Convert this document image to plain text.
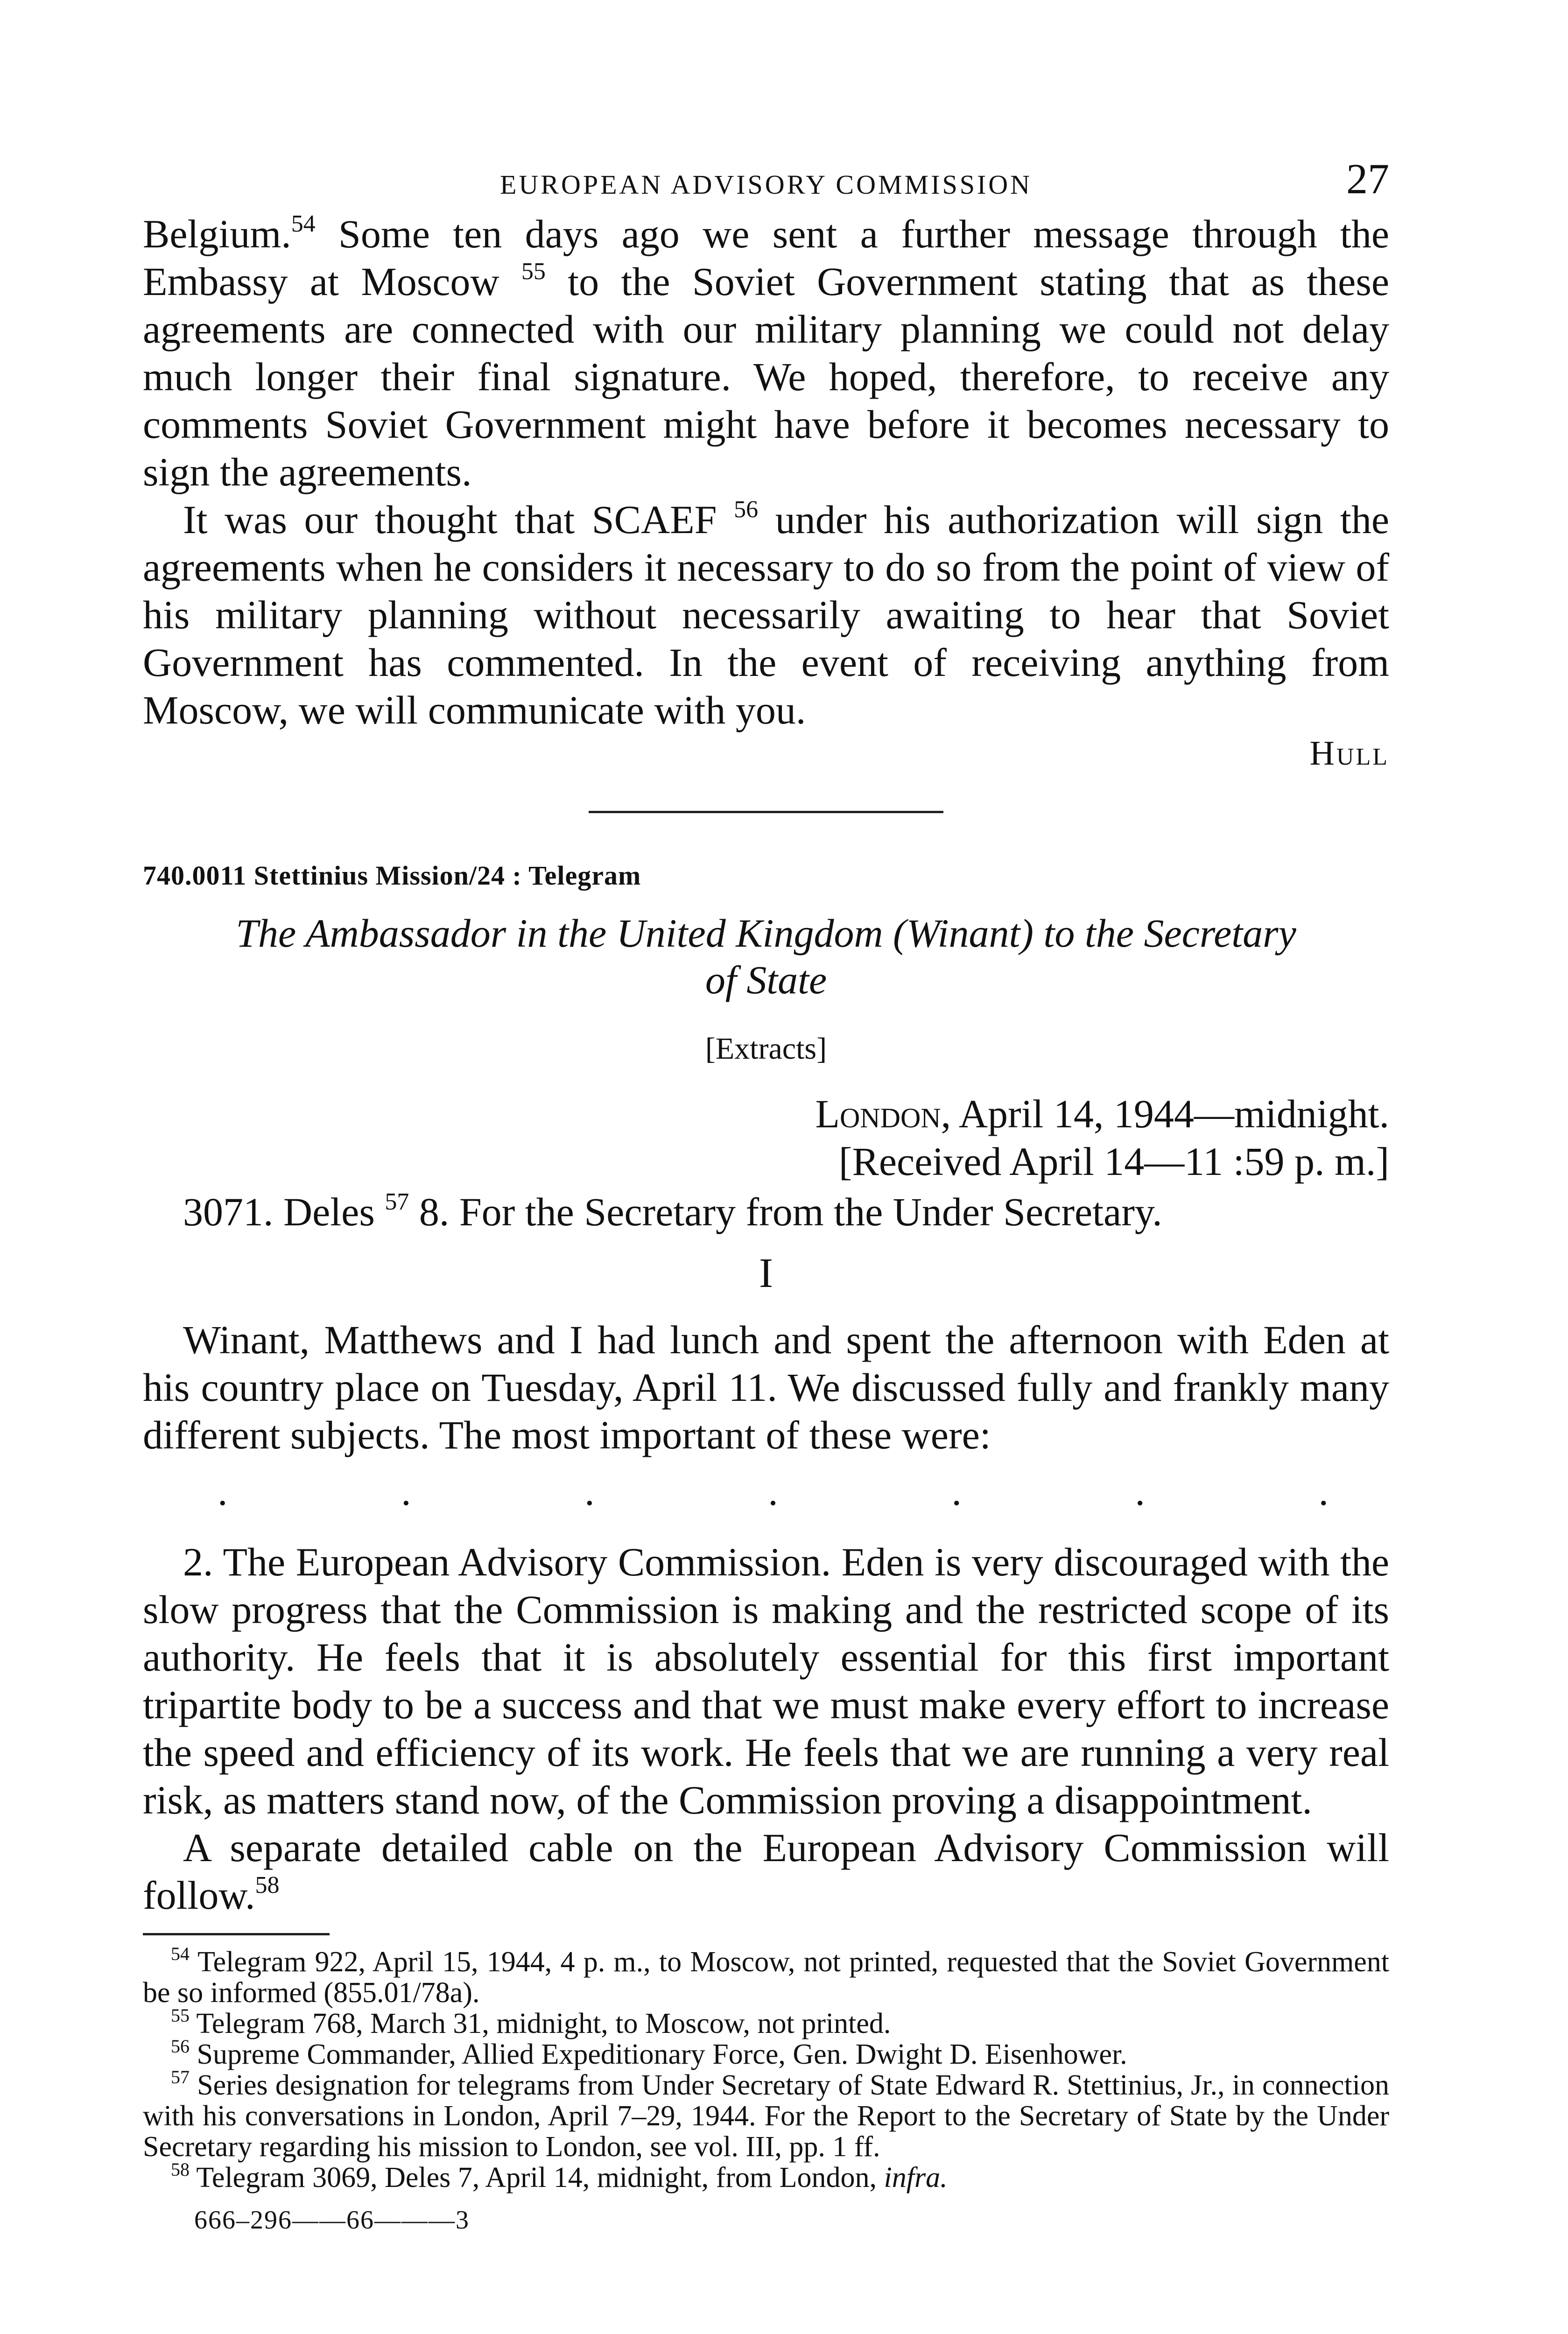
EUROPEAN ADVISORY COMMISSION	27

Belgium.$^{54}$ Some ten days ago we sent a further message through the Embassy at Moscow $^{55}$ to the Soviet Government stating that as these agreements are connected with our military planning we could not delay much longer their final signature. We hoped, therefore, to receive any comments Soviet Government might have before it becomes necessary to sign the agreements.

It was our thought that SCAEF $^{56}$ under his authorization will sign the agreements when he considers it necessary to do so from the point of view of his military planning without necessarily awaiting to hear that Soviet Government has commented. In the event of receiving anything from Moscow, we will communicate with you.

Hull
740.0011 Stettinius Mission/24 : Telegram
The Ambassador in the United Kingdom (Winant) to the Secretary
of State
[Extracts]
London, April 14, 1944—midnight.
[Received April 14—11 :59 p. m.]

3071. Deles $^{57}$ 8. For the Secretary from the Under Secretary.

I

Winant, Matthews and I had lunch and spent the afternoon with Eden at his country place on Tuesday, April 11. We discussed fully and frankly many different subjects. The most important of these were:

.	.	.	.	.	.	.

2. The European Advisory Commission. Eden is very discouraged with the slow progress that the Commission is making and the restricted scope of its authority. He feels that it is absolutely essential for this first important tripartite body to be a success and that we must make every effort to increase the speed and efficiency of its work. He feels that we are running a very real risk, as matters stand now, of the Commission proving a disappointment.

A separate detailed cable on the European Advisory Commission will follow.$^{58}$

$^{54}$ Telegram 922, April 15, 1944, 4 p. m., to Moscow, not printed, requested that the Soviet Government be so informed (855.01/78a).

$^{55}$ Telegram 768, March 31, midnight, to Moscow, not printed.

$^{56}$ Supreme Commander, Allied Expeditionary Force, Gen. Dwight D. Eisenhower.

$^{57}$ Series designation for telegrams from Under Secretary of State Edward R. Stettinius, Jr., in connection with his conversations in London, April 7–29, 1944. For the Report to the Secretary of State by the Under Secretary regarding his mission to London, see vol. III, pp. 1 ff.

$^{58}$ Telegram 3069, Deles 7, April 14, midnight, from London, infra.

666–296——66———3
